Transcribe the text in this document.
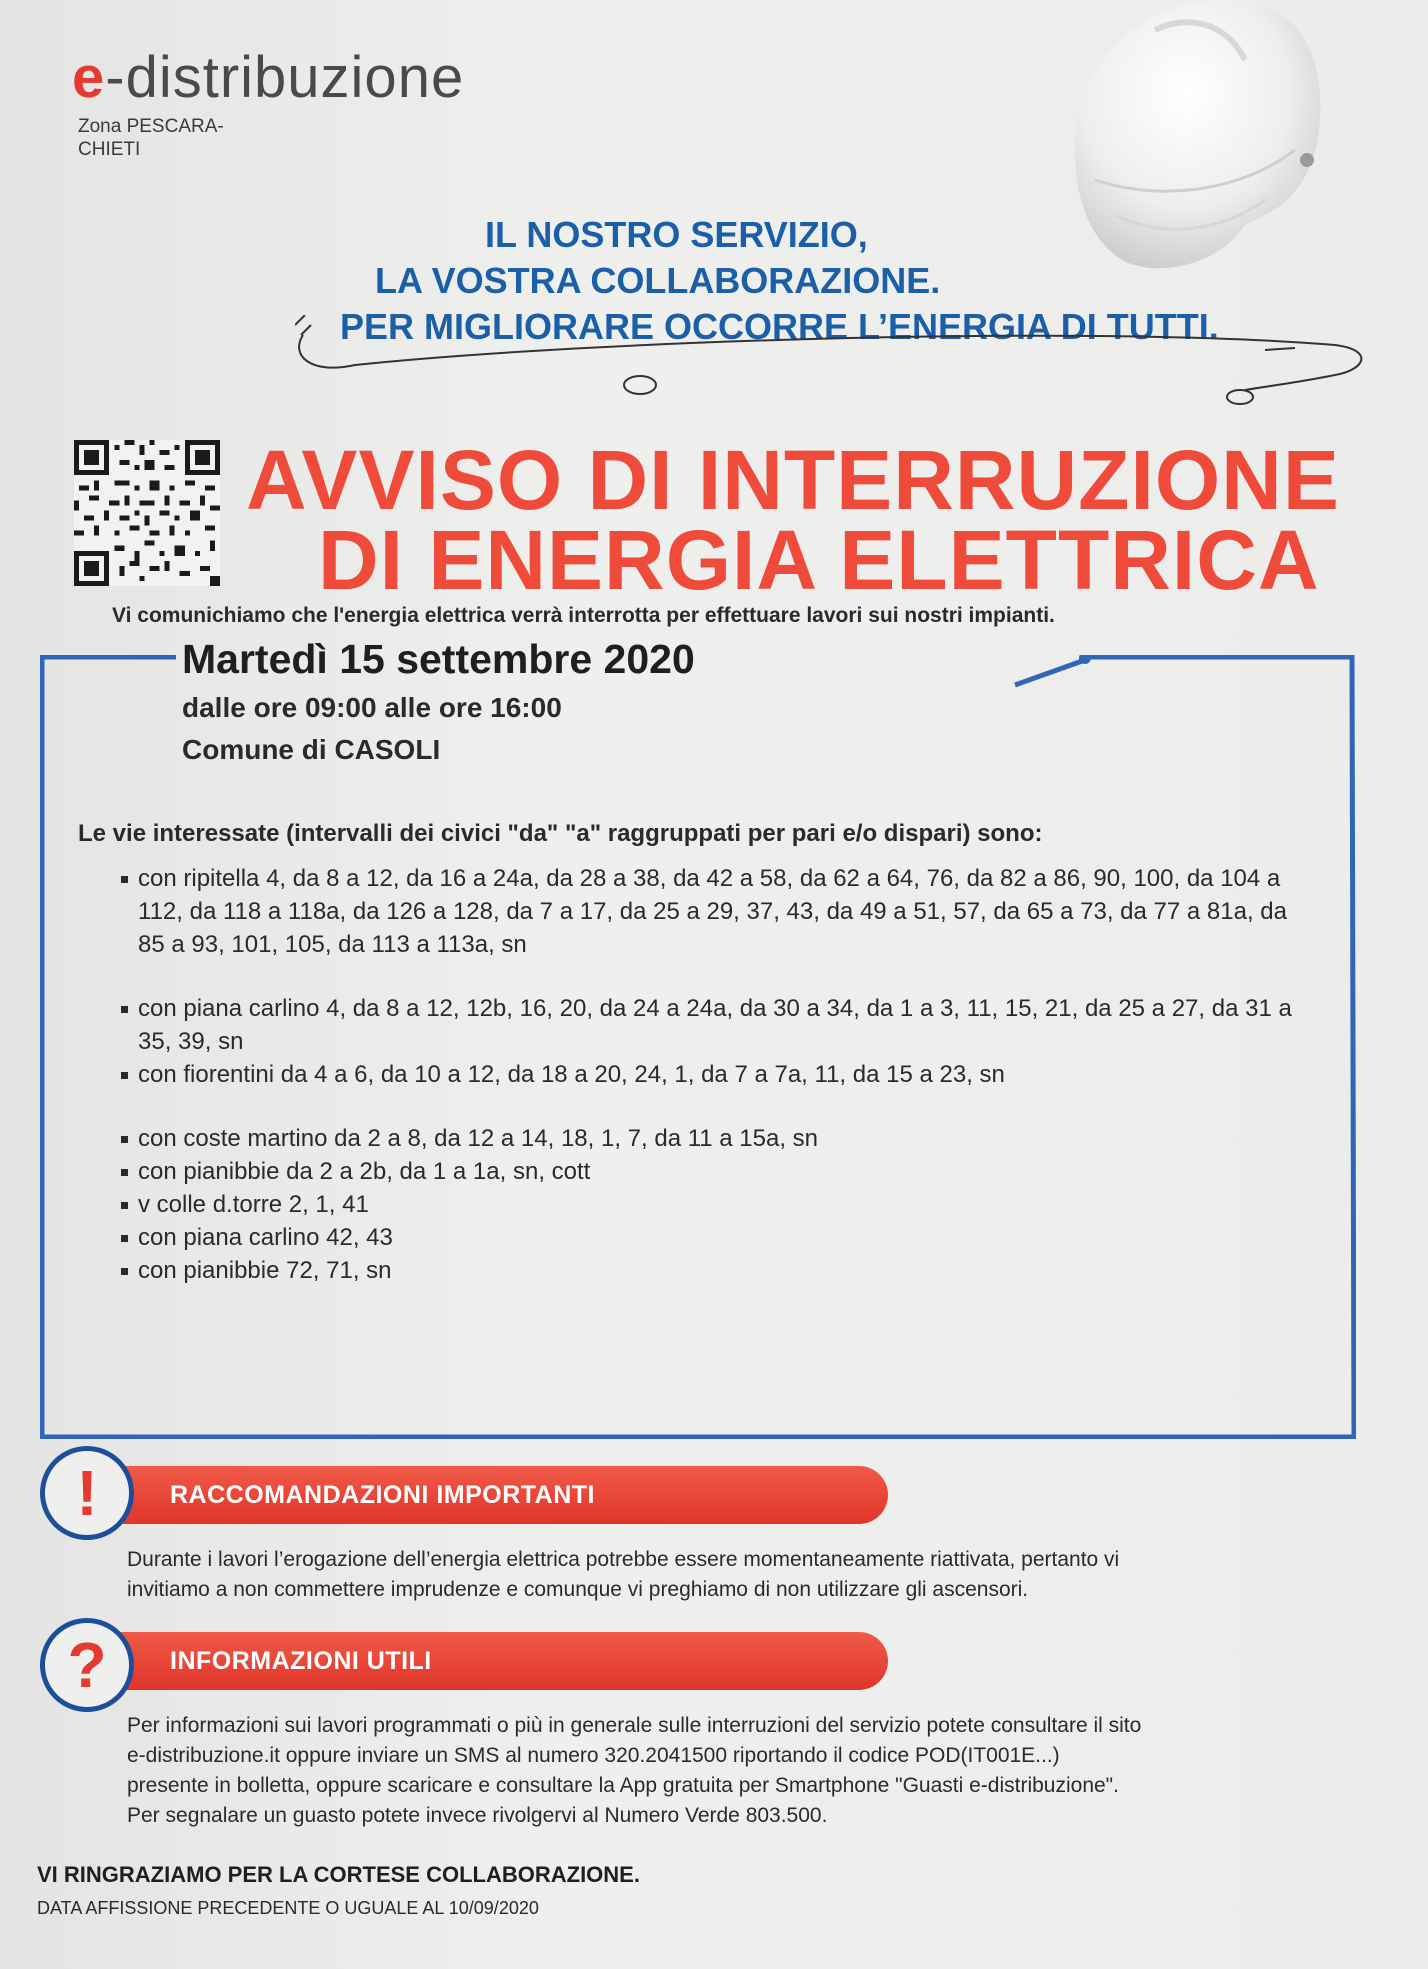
e-distribuzione
Zona PESCARA-CHIETI
IL NOSTRO SERVIZIO,
LA VOSTRA COLLABORAZIONE.
PER MIGLIORARE OCCORRE L’ENERGIA DI TUTTI.
AVVISO DI INTERRUZIONE
DI ENERGIA ELETTRICA
Vi comunichiamo che l'energia elettrica verrà interrotta per effettuare lavori sui nostri impianti.
Martedì 15 settembre 2020
dalle ore 09:00 alle ore 16:00
Comune di CASOLI
Le vie interessate (intervalli dei civici "da" "a" raggruppati per pari e/o dispari) sono:
con ripitella 4, da 8 a 12, da 16 a 24a, da 28 a 38, da 42 a 58, da 62 a 64, 76, da 82 a 86, 90, 100, da 104 a 112, da 118 a 118a, da 126 a 128, da 7 a 17, da 25 a 29, 37, 43, da 49 a 51, 57, da 65 a 73, da 77 a 81a, da 85 a 93, 101, 105, da 113 a 113a, sn
con piana carlino 4, da 8 a 12, 12b, 16, 20, da 24 a 24a, da 30 a 34, da 1 a 3, 11, 15, 21, da 25 a 27, da 31 a 35, 39, sn
con fiorentini da 4 a 6, da 10 a 12, da 18 a 20, 24, 1, da 7 a 7a, 11, da 15 a 23, sn
con coste martino da 2 a 8, da 12 a 14, 18, 1, 7, da 11 a 15a, sn
con pianibbie da 2 a 2b, da 1 a 1a, sn, cott
v colle d.torre 2, 1, 41
con piana carlino 42, 43
con pianibbie 72, 71, sn
!	RACCOMANDAZIONI IMPORTANTI
Durante i lavori l’erogazione dell’energia elettrica potrebbe essere momentaneamente riattivata, pertanto vi
invitiamo a non commettere imprudenze e comunque vi preghiamo di non utilizzare gli ascensori.
?	INFORMAZIONI UTILI
Per informazioni sui lavori programmati o più in generale sulle interruzioni del servizio potete consultare il sito
e-distribuzione.it oppure inviare un SMS al numero 320.2041500 riportando il codice POD(IT001E...)
presente in bolletta, oppure scaricare e consultare la App gratuita per Smartphone "Guasti e-distribuzione".
Per segnalare un guasto potete invece rivolgervi al Numero Verde 803.500.
VI RINGRAZIAMO PER LA CORTESE COLLABORAZIONE.
DATA AFFISSIONE PRECEDENTE O UGUALE AL 10/09/2020
